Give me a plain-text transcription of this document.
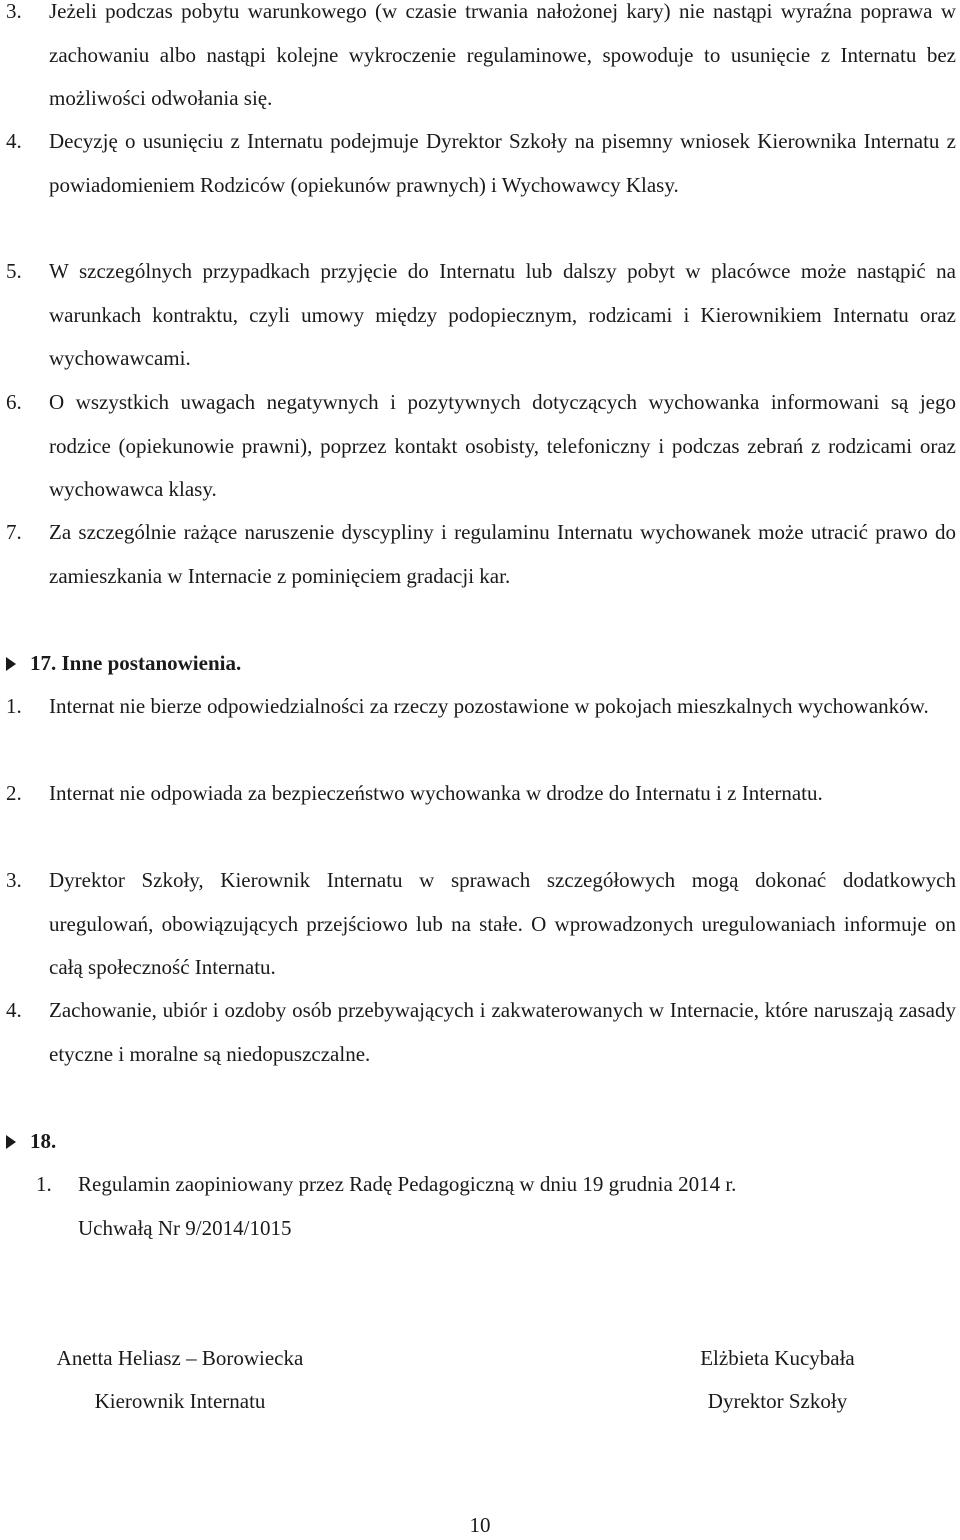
3.	Jeżeli podczas pobytu warunkowego (w czasie trwania nałożonej kary) nie nastąpi wyraźna poprawa w zachowaniu albo nastąpi kolejne wykroczenie regulaminowe, spowoduje to usunięcie z Internatu bez możliwości odwołania się.
4.	Decyzję o usunięciu z Internatu podejmuje Dyrektor Szkoły na pisemny wniosek Kierownika Internatu z powiadomieniem Rodziców (opiekunów prawnych) i Wychowawcy Klasy.
5.	W szczególnych przypadkach przyjęcie do Internatu lub dalszy pobyt w placówce może nastąpić na warunkach kontraktu, czyli umowy między podopiecznym, rodzicami i Kierownikiem Internatu oraz wychowawcami.
6.	O wszystkich uwagach negatywnych i pozytywnych dotyczących wychowanka informowani są jego rodzice (opiekunowie prawni), poprzez kontakt osobisty, telefoniczny i podczas zebrań z rodzicami oraz wychowawca klasy.
7.	Za szczególnie rażące naruszenie dyscypliny i regulaminu Internatu wychowanek może utracić prawo do zamieszkania w Internacie z pominięciem gradacji kar.
17. Inne postanowienia.
1.	Internat nie bierze odpowiedzialności za rzeczy pozostawione w pokojach mieszkalnych wychowanków.
2.	Internat nie odpowiada za bezpieczeństwo wychowanka w drodze do Internatu i z Internatu.
3.	Dyrektor Szkoły, Kierownik Internatu w sprawach szczegółowych mogą dokonać dodatkowych uregulowań, obowiązujących przejściowo lub na stałe. O wprowadzonych uregulowaniach informuje on całą społeczność Internatu.
4.	Zachowanie, ubiór i ozdoby osób przebywających i zakwaterowanych w Internacie, które naruszają zasady etyczne i moralne są niedopuszczalne.
18.
1.	Regulamin zaopiniowany przez Radę Pedagogiczną w dniu 19 grudnia 2014 r.
Uchwałą Nr 9/2014/1015
Anetta Heliasz – Borowiecka
Kierownik Internatu
Elżbieta Kucybała
Dyrektor Szkoły
10
